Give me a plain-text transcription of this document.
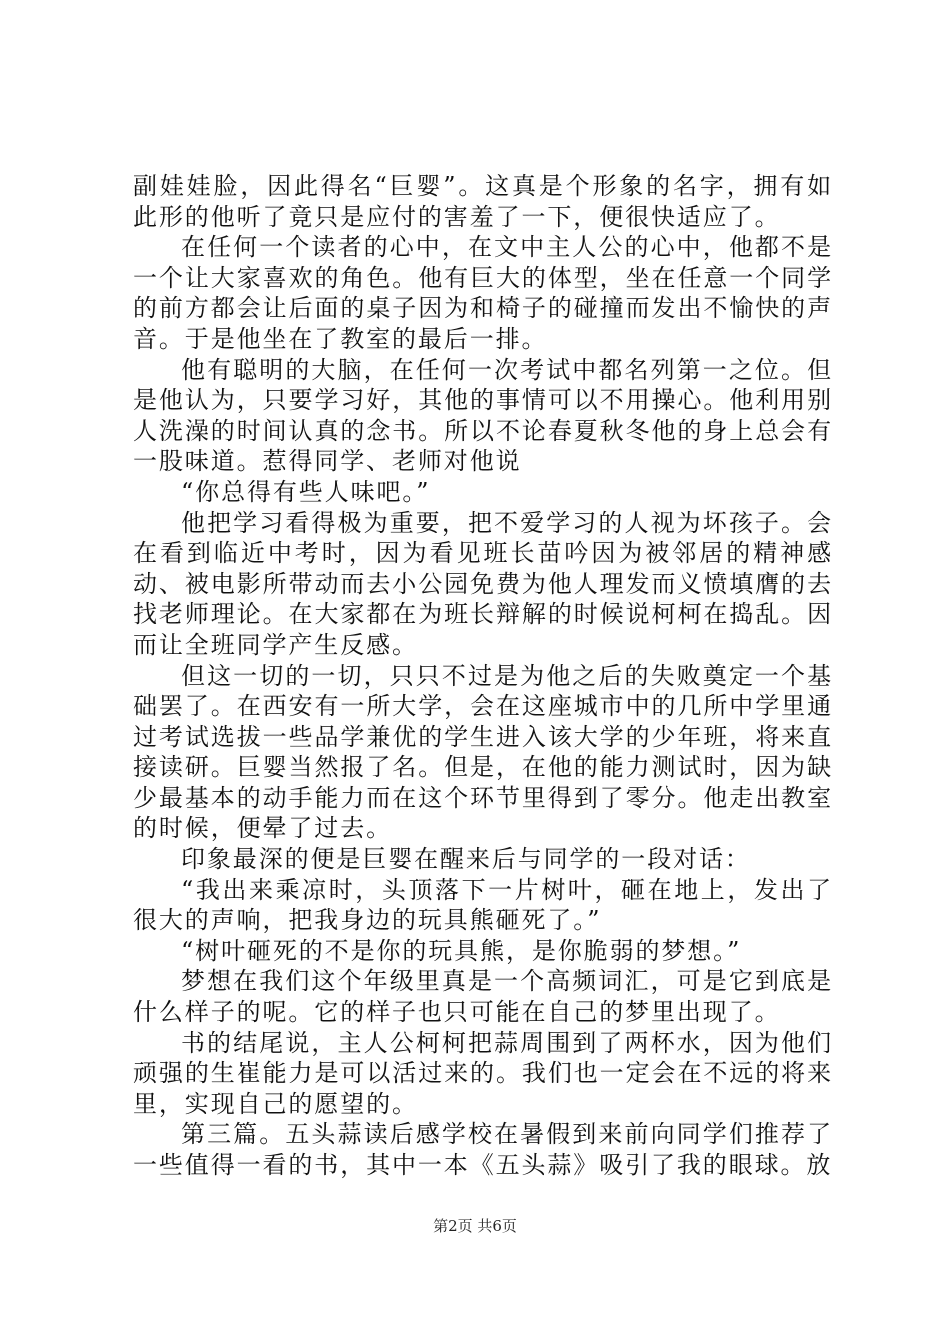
副娃娃脸，因此得名“巨婴”。这真是个形象的名字，拥有如此形的他听了竟只是应付的害羞了一下，便很快适应了。

在任何一个读者的心中，在文中主人公的心中，他都不是一个让大家喜欢的角色。他有巨大的体型，坐在任意一个同学的前方都会让后面的桌子因为和椅子的碰撞而发出不愉快的声音。于是他坐在了教室的最后一排。

他有聪明的大脑，在任何一次考试中都名列第一之位。但是他认为，只要学习好，其他的事情可以不用操心。他利用别人洗澡的时间认真的念书。所以不论春夏秋冬他的身上总会有一股味道。惹得同学、老师对他说

“你总得有些人味吧。”

他把学习看得极为重要，把不爱学习的人视为坏孩子。会在看到临近中考时，因为看见班长苗吟因为被邻居的精神感动、被电影所带动而去小公园免费为他人理发而义愤填膺的去找老师理论。在大家都在为班长辩解的时候说柯柯在捣乱。因而让全班同学产生反感。

但这一切的一切，只只不过是为他之后的失败奠定一个基础罢了。在西安有一所大学，会在这座城市中的几所中学里通过考试选拔一些品学兼优的学生进入该大学的少年班，将来直接读研。巨婴当然报了名。但是，在他的能力测试时，因为缺少最基本的动手能力而在这个环节里得到了零分。他走出教室的时候，便晕了过去。

印象最深的便是巨婴在醒来后与同学的一段对话：

“我出来乘凉时，头顶落下一片树叶，砸在地上，发出了很大的声响，把我身边的玩具熊砸死了。”

“树叶砸死的不是你的玩具熊，是你脆弱的梦想。”

梦想在我们这个年级里真是一个高频词汇，可是它到底是什么样子的呢。它的样子也只可能在自己的梦里出现了。

书的结尾说，主人公柯柯把蒜周围到了两杯水，因为他们顽强的生崔能力是可以活过来的。我们也一定会在不远的将来里，实现自己的愿望的。

第三篇。五头蒜读后感学校在暑假到来前向同学们推荐了一些值得一看的书，其中一本《五头蒜》吸引了我的眼球。放

第2页 共6页
